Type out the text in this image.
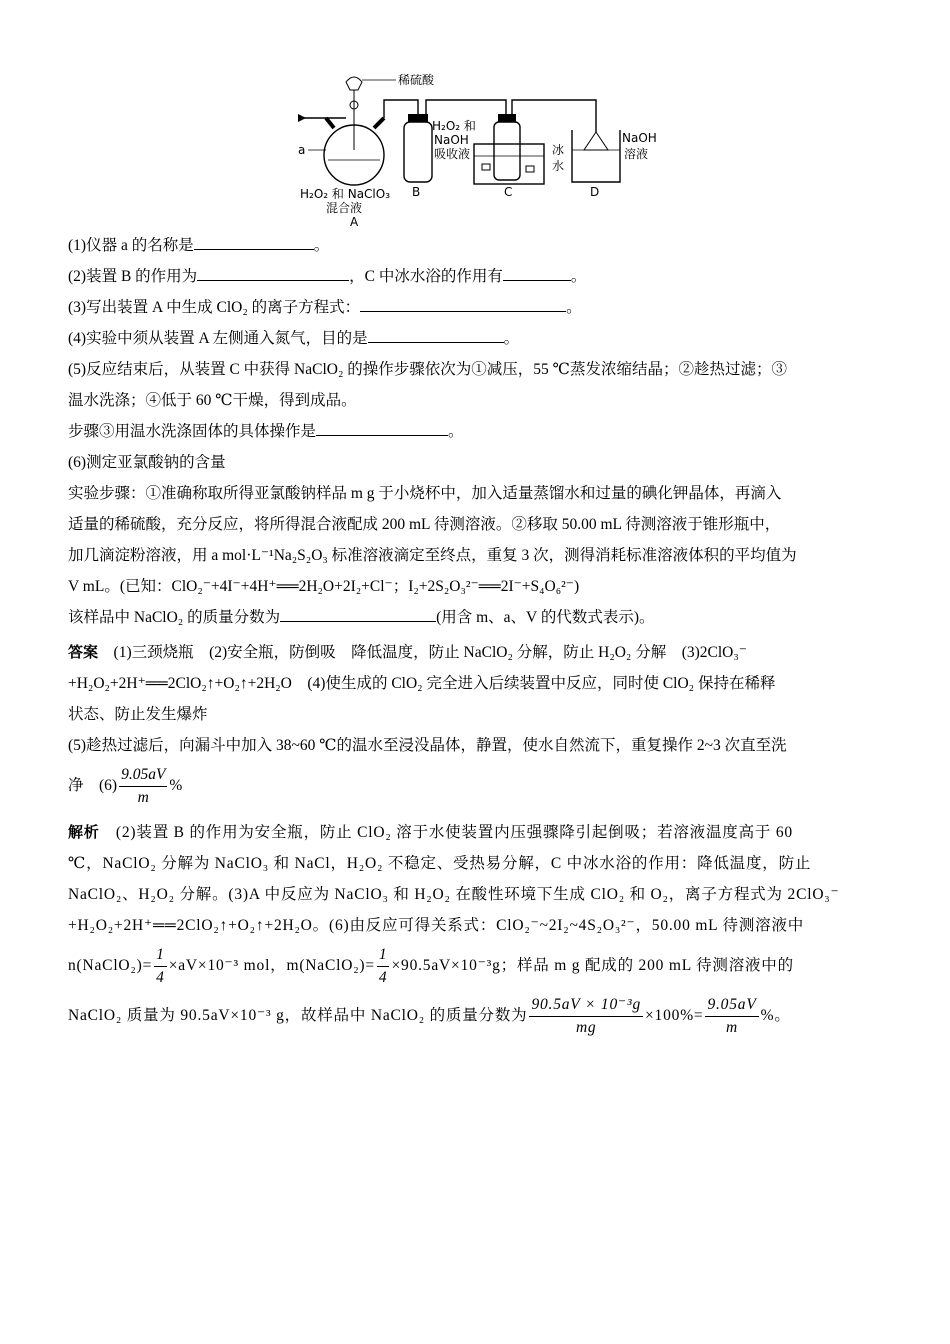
稀硫酸
a
H₂O₂ 和 NaClO₃
混合液
A
B
H₂O₂ 和
NaOH
吸收液	冰
水
C
NaOH
溶液
D

(1)仪器 a 的名称是	。

(2)装置 B 的作用为	，C 中冰水浴的作用有	。

(3)写出装置 A 中生成 ClO₂ 的离子方程式：	。

(4)实验中须从装置 A 左侧通入氮气，目的是	。

(5)反应结束后，从装置 C 中获得 NaClO₂ 的操作步骤依次为①减压，55 ℃蒸发浓缩结晶；②趁热过滤；③
温水洗涤；④低于 60 ℃干燥，得到成品。

步骤③用温水洗涤固体的具体操作是	。

(6)测定亚氯酸钠的含量

实验步骤：①准确称取所得亚氯酸钠样品 m g 于小烧杯中，加入适量蒸馏水和过量的碘化钾晶体，再滴入
适量的稀硫酸，充分反应，将所得混合液配成 200 mL 待测溶液。②移取 50.00 mL 待测溶液于锥形瓶中，
加几滴淀粉溶液，用 a mol·L⁻¹Na₂S₂O₃ 标准溶液滴定至终点，重复 3 次，测得消耗标准溶液体积的平均值为
V mL。(已知：ClO₂⁻+4I⁻+4H⁺══2H₂O+2I₂+Cl⁻；I₂+2S₂O₃²⁻══2I⁻+S₄O₆²⁻)

该样品中 NaClO₂ 的质量分数为	(用含 m、a、V 的代数式表示)。

答案　 (1)三颈烧瓶　(2)安全瓶，防倒吸　降低温度，防止 NaClO₂ 分解，防止 H₂O₂ 分解　(3)2ClO₃⁻
+H₂O₂+2H⁺══2ClO₂↑+O₂↑+2H₂O　(4)使生成的 ClO₂ 完全进入后续装置中反应，同时使 ClO₂ 保持在稀释
状态、防止发生爆炸
(5)趁热过滤后，向漏斗中加入 38~60 ℃的温水至浸没晶体，静置，使水自然流下，重复操作 2~3 次直至洗

净　$(6) \frac{9.05aV}{m}$ %

解析　 (2)装置 B 的作用为安全瓶，防止 ClO₂ 溶于水使装置内压强骤降引起倒吸；若溶液温度高于 60
℃，NaClO₂ 分解为 NaClO₃ 和 NaCl，H₂O₂ 不稳定、受热易分解，C 中冰水浴的作用：降低温度，防止
NaClO₂、H₂O₂ 分解。(3)A 中反应为 NaClO₃ 和 H₂O₂ 在酸性环境下生成 ClO₂ 和 O₂，离子方程式为 2ClO₃⁻
+H₂O₂+2H⁺══2ClO₂↑+O₂↑+2H₂O。(6)由反应可得关系式：ClO₂⁻~2I₂~4S₂O₃²⁻，50.00 mL 待测溶液中

n(NaClO₂)= $\frac{1}{4} \times aV\times 10^{-3}$ mol，m(NaClO₂)= $\frac{1}{4} \times 90.5aV\times 10^{-3}g$；样品 m g 配成的 200 mL 待测溶液中的

NaClO₂ 质量为 90.5aV×10⁻³ g，故样品中 NaClO₂ 的质量分数为 $\frac{\text{90.5aV × 10⁻³g}}{mg} \times 100\%= \frac{9.05aV}{m}$ %。
